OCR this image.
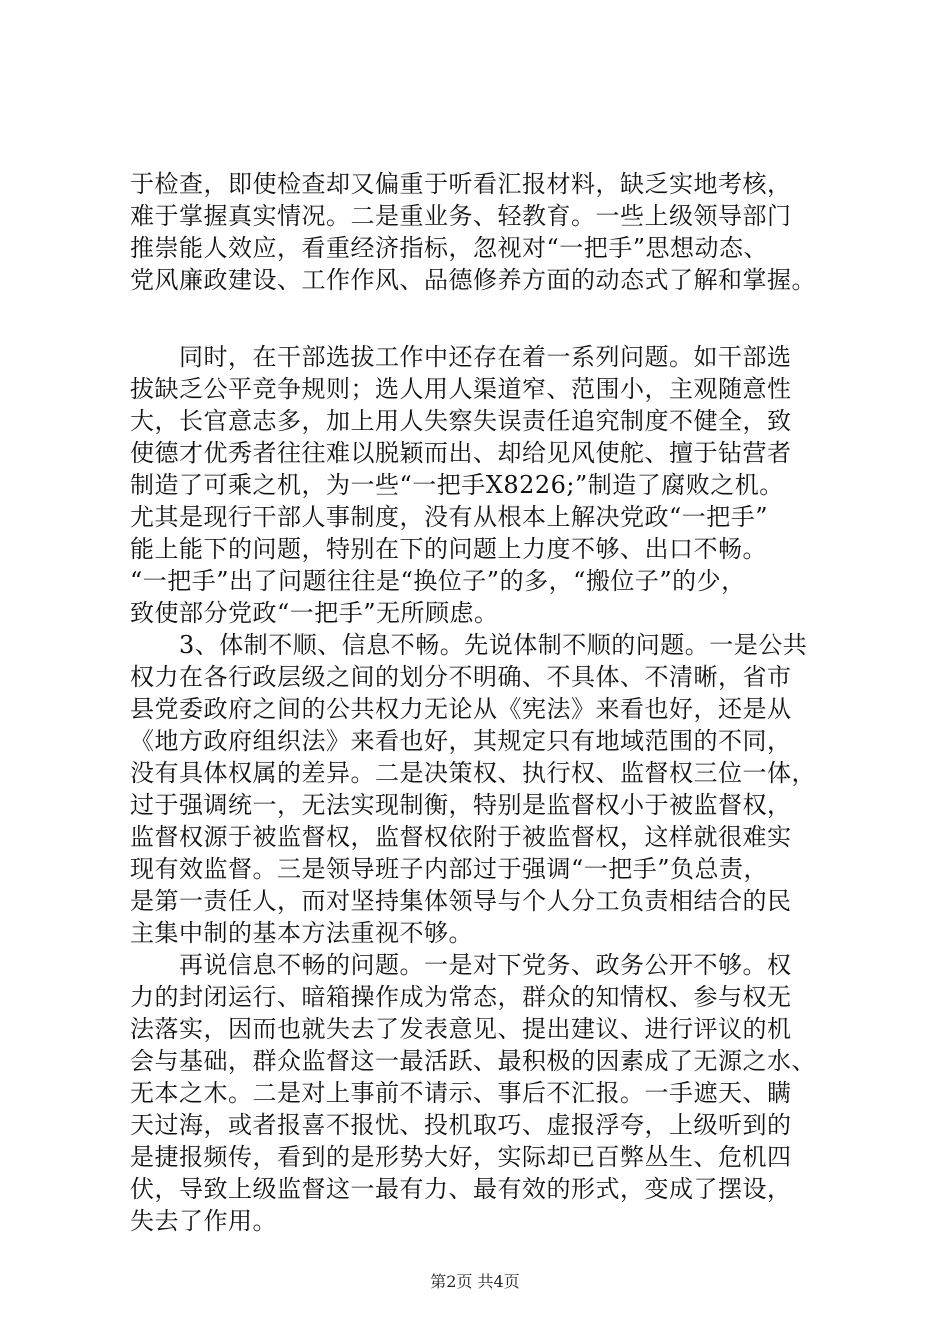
于检查，即使检查却又偏重于听看汇报材料，缺乏实地考核，
难于掌握真实情况。二是重业务、轻教育。一些上级领导部门
推崇能人效应，看重经济指标，忽视对“一把手”思想动态、
党风廉政建设、工作作风、品德修养方面的动态式了解和掌握。
　　同时，在干部选拔工作中还存在着一系列问题。如干部选
拔缺乏公平竞争规则；选人用人渠道窄、范围小，主观随意性
大，长官意志多，加上用人失察失误责任追究制度不健全，致
使德才优秀者往往难以脱颖而出、却给见风使舵、擅于钻营者
制造了可乘之机，为一些“一把手X8226;”制造了腐败之机。
尤其是现行干部人事制度，没有从根本上解决党政“一把手”
能上能下的问题，特别在下的问题上力度不够、出口不畅。
“一把手”出了问题往往是“换位子”的多，“搬位子”的少，
致使部分党政“一把手”无所顾虑。
　　3、体制不顺、信息不畅。先说体制不顺的问题。一是公共
权力在各行政层级之间的划分不明确、不具体、不清晰，省市
县党委政府之间的公共权力无论从《宪法》来看也好，还是从
《地方政府组织法》来看也好，其规定只有地域范围的不同，
没有具体权属的差异。二是决策权、执行权、监督权三位一体，
过于强调统一，无法实现制衡，特别是监督权小于被监督权，
监督权源于被监督权，监督权依附于被监督权，这样就很难实
现有效监督。三是领导班子内部过于强调“一把手”负总责，
是第一责任人，而对坚持集体领导与个人分工负责相结合的民
主集中制的基本方法重视不够。
　　再说信息不畅的问题。一是对下党务、政务公开不够。权
力的封闭运行、暗箱操作成为常态，群众的知情权、参与权无
法落实，因而也就失去了发表意见、提出建议、进行评议的机
会与基础，群众监督这一最活跃、最积极的因素成了无源之水、
无本之木。二是对上事前不请示、事后不汇报。一手遮天、瞒
天过海，或者报喜不报忧、投机取巧、虚报浮夸，上级听到的
是捷报频传，看到的是形势大好，实际却已百弊丛生、危机四
伏，导致上级监督这一最有力、最有效的形式，变成了摆设，
失去了作用。
第2页 共4页
